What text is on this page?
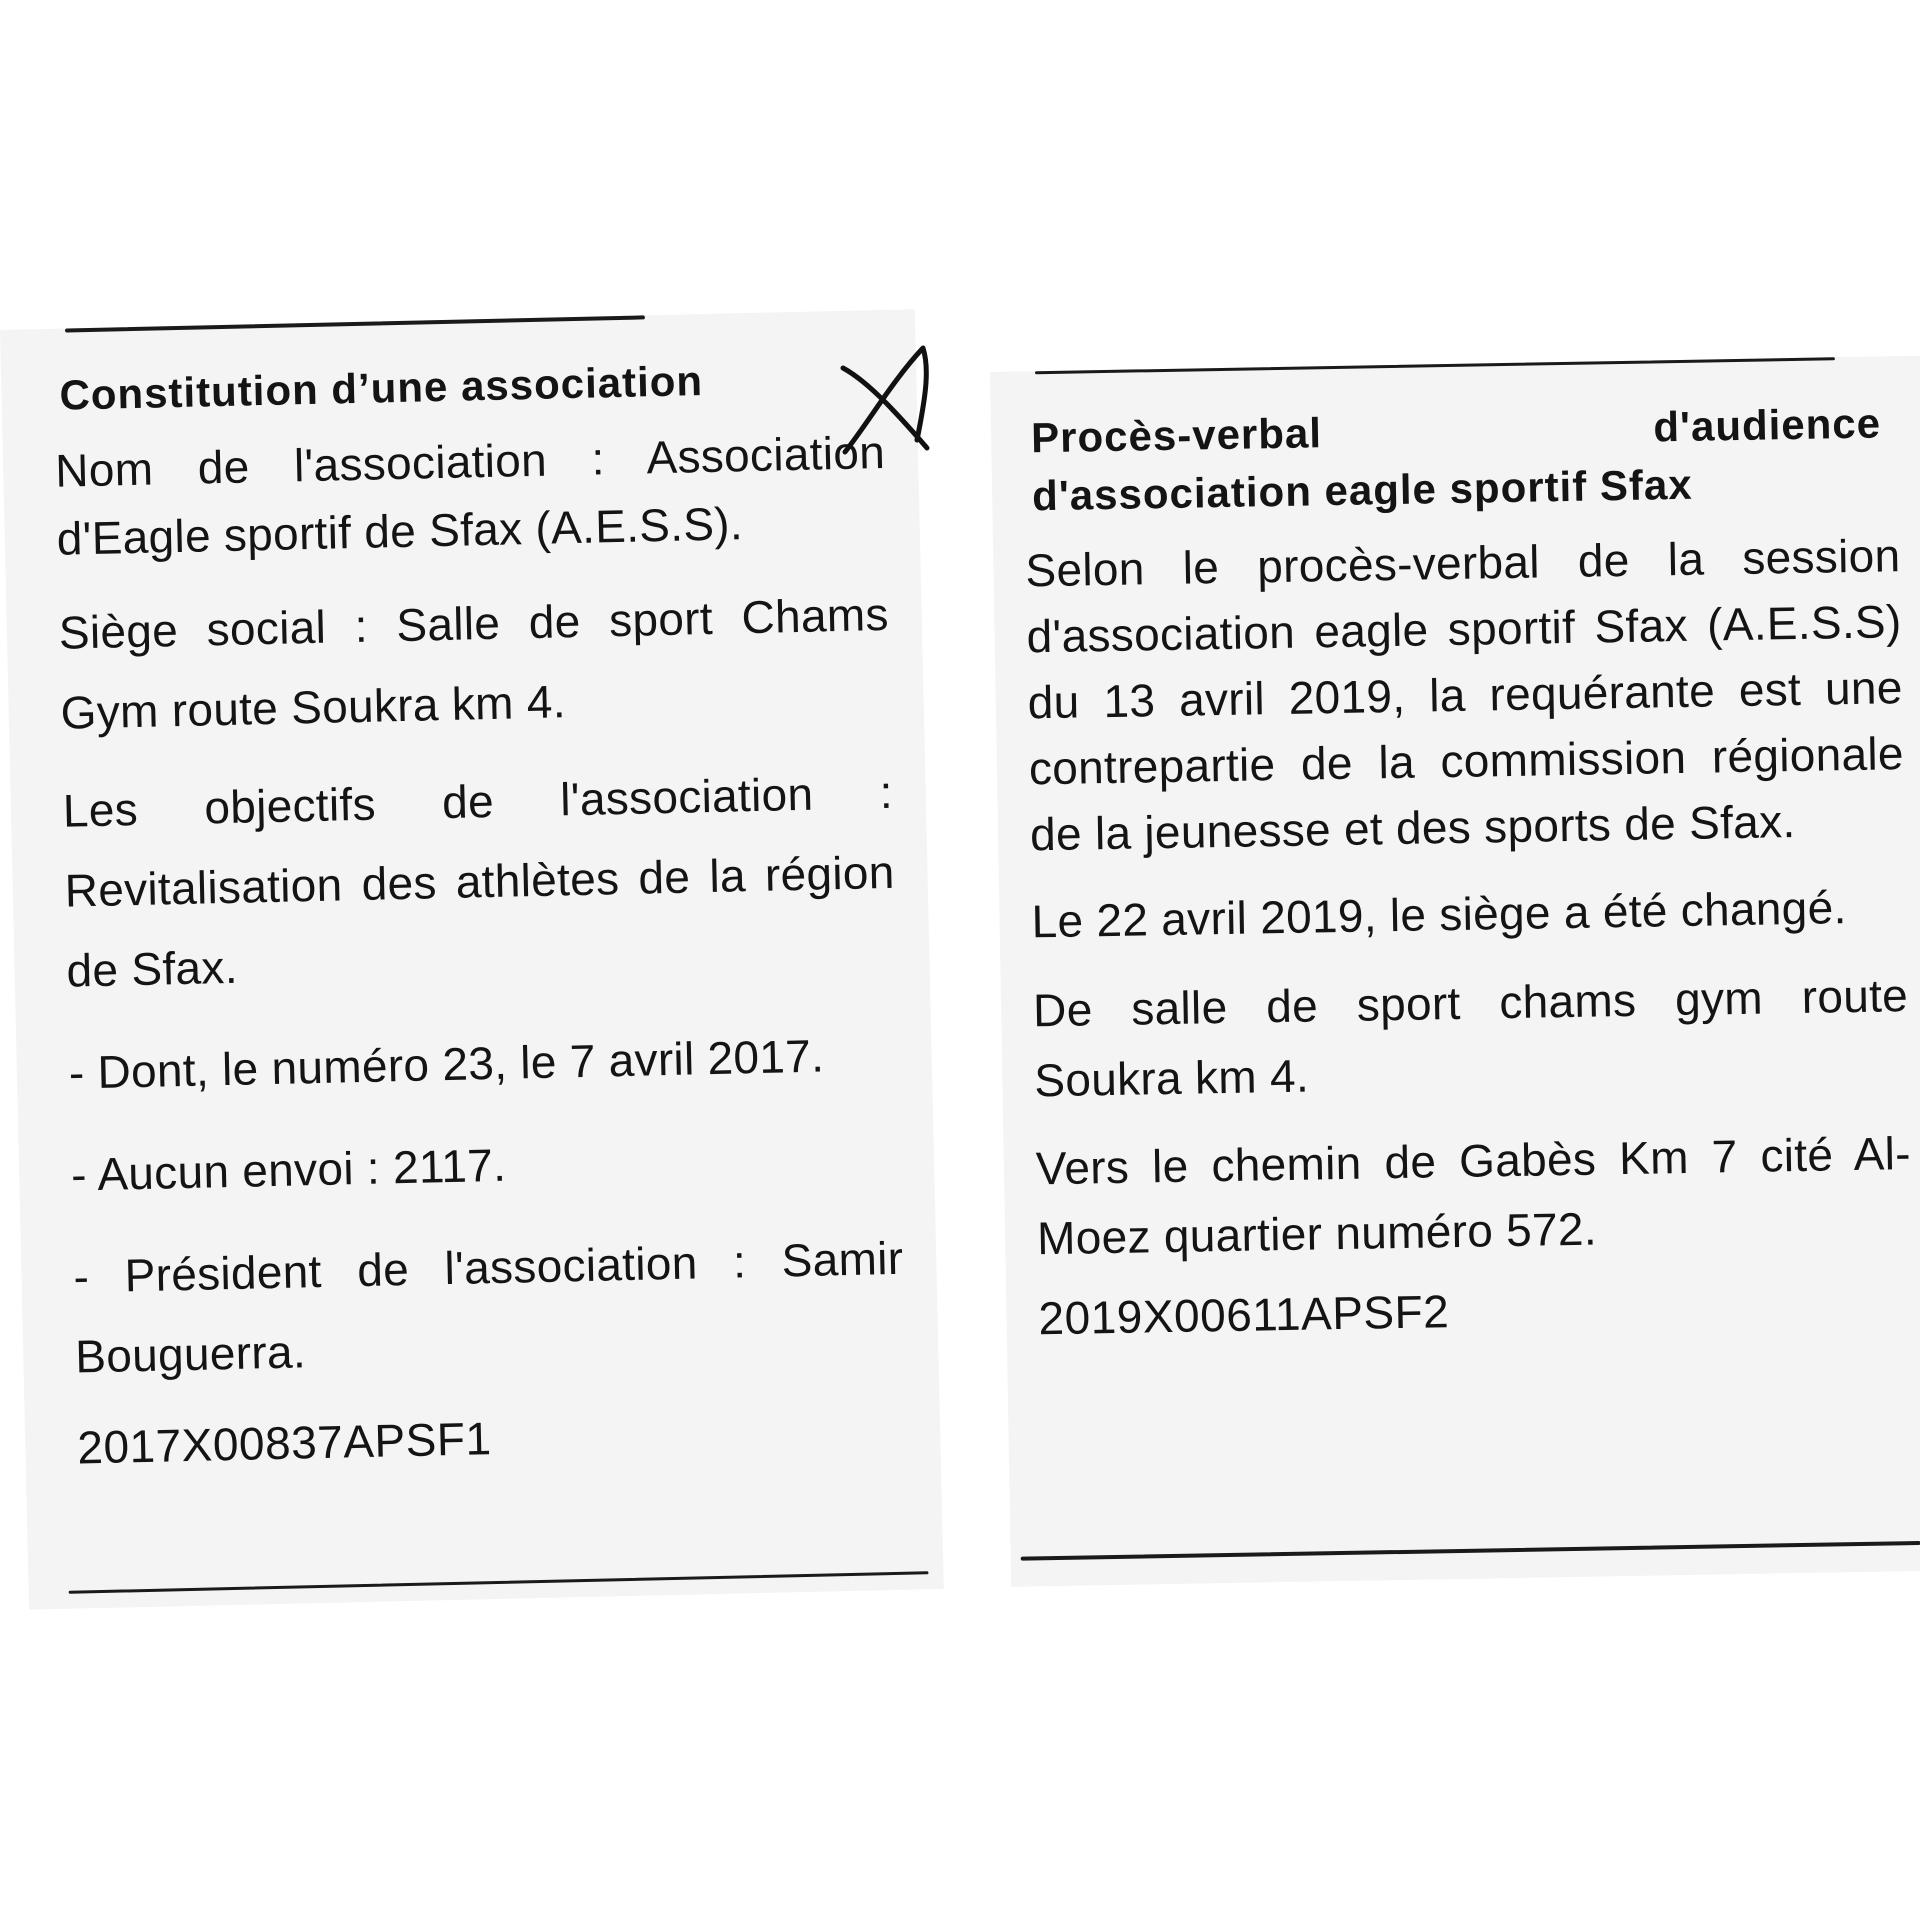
Constitution d’une association

Nom de l'association : Association d'Eagle sportif de Sfax (A.E.S.S).

Siège social : Salle de sport Chams Gym route Soukra km 4.

Les objectifs de l'association : Revitalisation des athlètes de la région de Sfax.

- Dont, le numéro 23, le 7 avril 2017.

- Aucun envoi : 2117.

- Président de l'association : Samir Bouguerra.

2017X00837APSF1
Procès-verbal	d'audience
d'association eagle sportif Sfax

Selon le procès-verbal de la session d'association eagle sportif Sfax (A.E.S.S) du 13 avril 2019, la requérante est une contrepartie de la commission régionale de la jeunesse et des sports de Sfax.

Le 22 avril 2019, le siège a été changé.

De salle de sport chams gym route Soukra km 4.

Vers le chemin de Gabès Km 7 cité Al- Moez quartier numéro 572.

2019X00611APSF2
